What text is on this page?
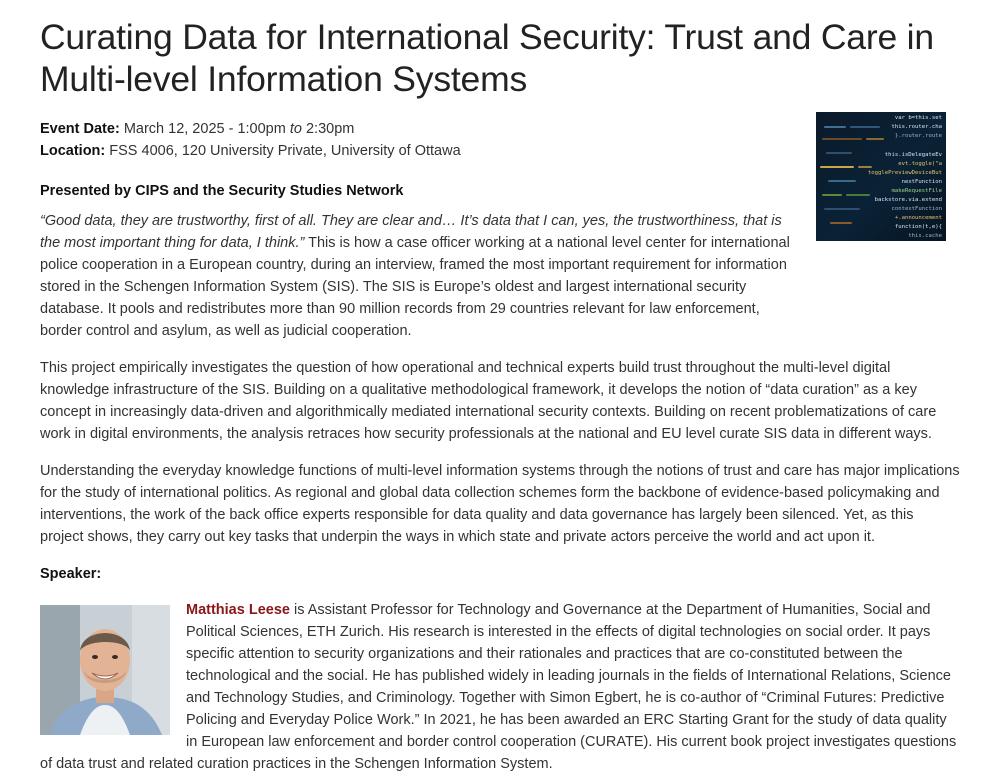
Curating Data for International Security: Trust and Care in Multi-level Information Systems
var b=this.set
this.router.cha
}.router.route
this.isDelegateEv
evt.toggle("a
togglePreviewDeviceBut
nextFunction
makeRequestFile
backstore.via.extend
contextFunction
+.announcement
function(t,e){
this.cache
Event Date: March 12, 2025 - 1:00pm to 2:30pm
Location: FSS 4006, 120 University Private, University of Ottawa
Presented by CIPS and the Security Studies Network

“Good data, they are trustworthy, first of all. They are clear and… It’s data that I can, yes, the trustworthiness, that is the most important thing for data, I think.” This is how a case officer working at a national level center for international police cooperation in a European country, during an interview, framed the most important requirement for information stored in the Schengen Information System (SIS). The SIS is Europe’s oldest and largest international security database. It pools and redistributes more than 90 million records from 29 countries relevant for law enforcement, border control and asylum, as well as judicial cooperation.

This project empirically investigates the question of how operational and technical experts build trust throughout the multi-level digital knowledge infrastructure of the SIS. Building on a qualitative methodological framework, it develops the notion of “data curation” as a key concept in increasingly data-driven and algorithmically mediated international security contexts. Building on recent problematizations of care work in digital environments, the analysis retraces how security professionals at the national and EU level curate SIS data in different ways.

Understanding the everyday knowledge functions of multi-level information systems through the notions of trust and care has major implications for the study of international politics. As regional and global data collection schemes form the backbone of evidence-based policymaking and interventions, the work of the back office experts responsible for data quality and data governance has largely been silenced. Yet, as this project shows, they carry out key tasks that underpin the ways in which state and private actors perceive the world and act upon it.

Speaker:

Matthias Leese is Assistant Professor for Technology and Governance at the Department of Humanities, Social and Political Sciences, ETH Zurich. His research is interested in the effects of digital technologies on social order. It pays specific attention to security organizations and their rationales and practices that are co-constituted between the technological and the social. He has published widely in leading journals in the fields of International Relations, Science and Technology Studies, and Criminology. Together with Simon Egbert, he is co-author of “Criminal Futures: Predictive Policing and Everyday Police Work.” In 2021, he has been awarded an ERC Starting Grant for the study of data quality in European law enforcement and border control cooperation (CURATE). His current book project investigates questions of data trust and related curation practices in the Schengen Information System.
